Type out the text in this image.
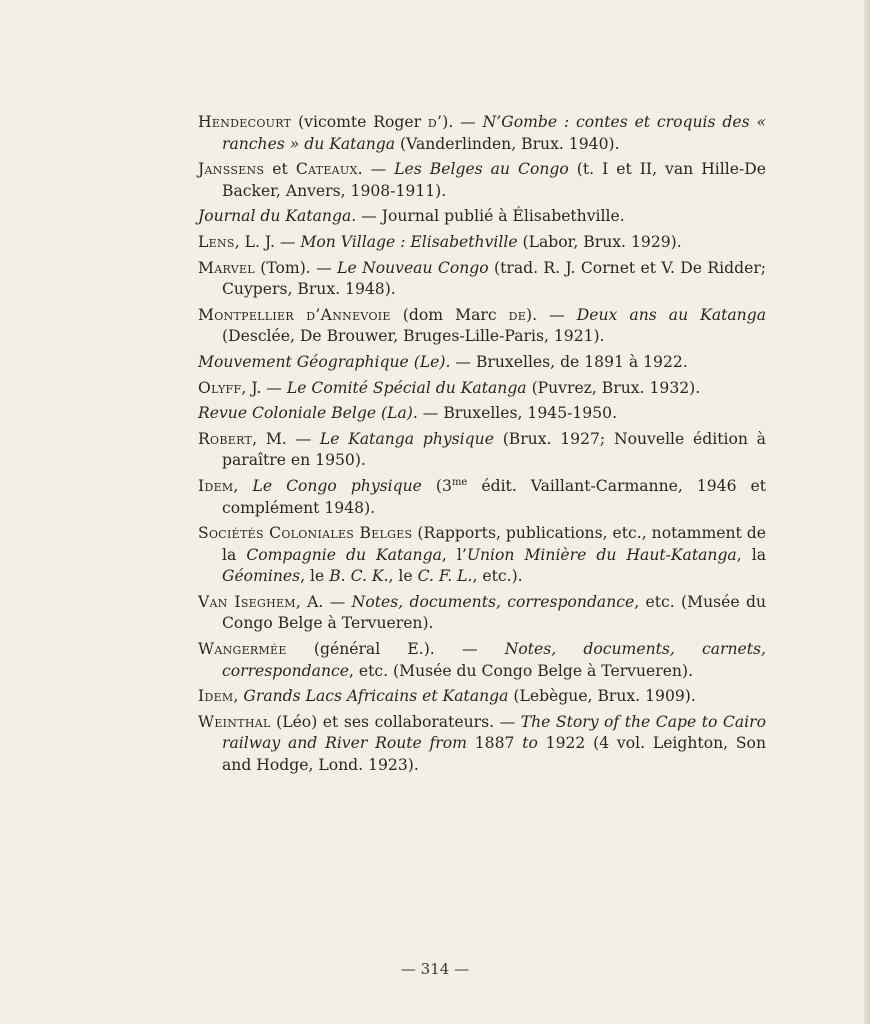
Hendecourt (vicomte Roger d’). — N’Gombe : contes et croquis des « ranches » du Katanga (Vanderlinden, Brux. 1940).

Janssens et Cateaux. — Les Belges au Congo (t. I et II, van Hille-De Backer, Anvers, 1908-1911).

Journal du Katanga. — Journal publié à Élisabethville.

Lens, L. J. — Mon Village : Elisabethville (Labor, Brux. 1929).

Marvel (Tom). — Le Nouveau Congo (trad. R. J. Cornet et V. De Ridder; Cuypers, Brux. 1948).

Montpellier d’Annevoie (dom Marc de). — Deux ans au Katanga (Desclée, De Brouwer, Bruges-Lille-Paris, 1921).

Mouvement Géographique (Le). — Bruxelles, de 1891 à 1922.

Olyff, J. — Le Comité Spécial du Katanga (Puvrez, Brux. 1932).

Revue Coloniale Belge (La). — Bruxelles, 1945-1950.

Robert, M. — Le Katanga physique (Brux. 1927; Nouvelle édition à paraître en 1950).

Idem, Le Congo physique ($3^{me}$ édit. Vaillant-Carmanne, 1946 et complément 1948).

Sociétés Coloniales Belges (Rapports, publications, etc., notamment de la Compagnie du Katanga, l’Union Minière du Haut-Katanga, la Géomines, le B. C. K., le C. F. L., etc.).

Van Iseghem, A. — Notes, documents, correspondance, etc. (Musée du Congo Belge à Tervueren).

Wangermée (général E.). — Notes, documents, carnets, correspondance, etc. (Musée du Congo Belge à Tervueren).

Idem, Grands Lacs Africains et Katanga (Lebègue, Brux. 1909).

Weinthal (Léo) et ses collaborateurs. — The Story of the Cape to Cairo railway and River Route from 1887 to 1922 (4 vol. Leighton, Son and Hodge, Lond. 1923).

— 314 —
